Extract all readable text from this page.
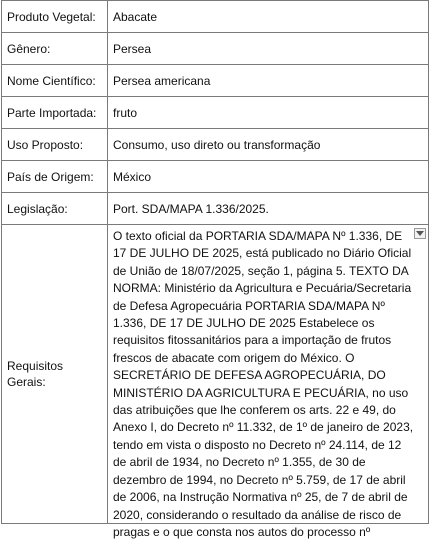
Produto Vegetal:	Abacate
Gênero:	Persea
Nome Científico:	Persea americana
Parte Importada:	fruto
Uso Proposto:	Consumo, uso direto ou transformação
País de Origem:	México
Legislação:	Port. SDA/MAPA 1.336/2025.
Requisitos Gerais:	O texto oficial da PORTARIA SDA/MAPA Nº 1.336, DE 17 DE JULHO DE 2025, está publicado no Diário Oficial de União de 18/07/2025, seção 1, página 5. TEXTO DA NORMA: Ministério da Agricultura e Pecuária/Secretaria de Defesa Agropecuária PORTARIA SDA/MAPA Nº 1.336, DE 17 DE JULHO DE 2025 Estabelece os requisitos fitossanitários para a importação de frutos frescos de abacate com origem do México. O SECRETÁRIO DE DEFESA AGROPECUÁRIA, DO MINISTÉRIO DA AGRICULTURA E PECUÁRIA, no uso das atribuições que lhe conferem os arts. 22 e 49, do Anexo I, do Decreto nº 11.332, de 1º de janeiro de 2023, tendo em vista o disposto no Decreto nº 24.114, de 12 de abril de 1934, no Decreto nº 1.355, de 30 de dezembro de 1994, no Decreto nº 5.759, de 17 de abril de 2006, na Instrução Normativa nº 25, de 7 de abril de 2020, considerando o resultado da análise de risco de pragas e o que consta nos autos do processo nº
